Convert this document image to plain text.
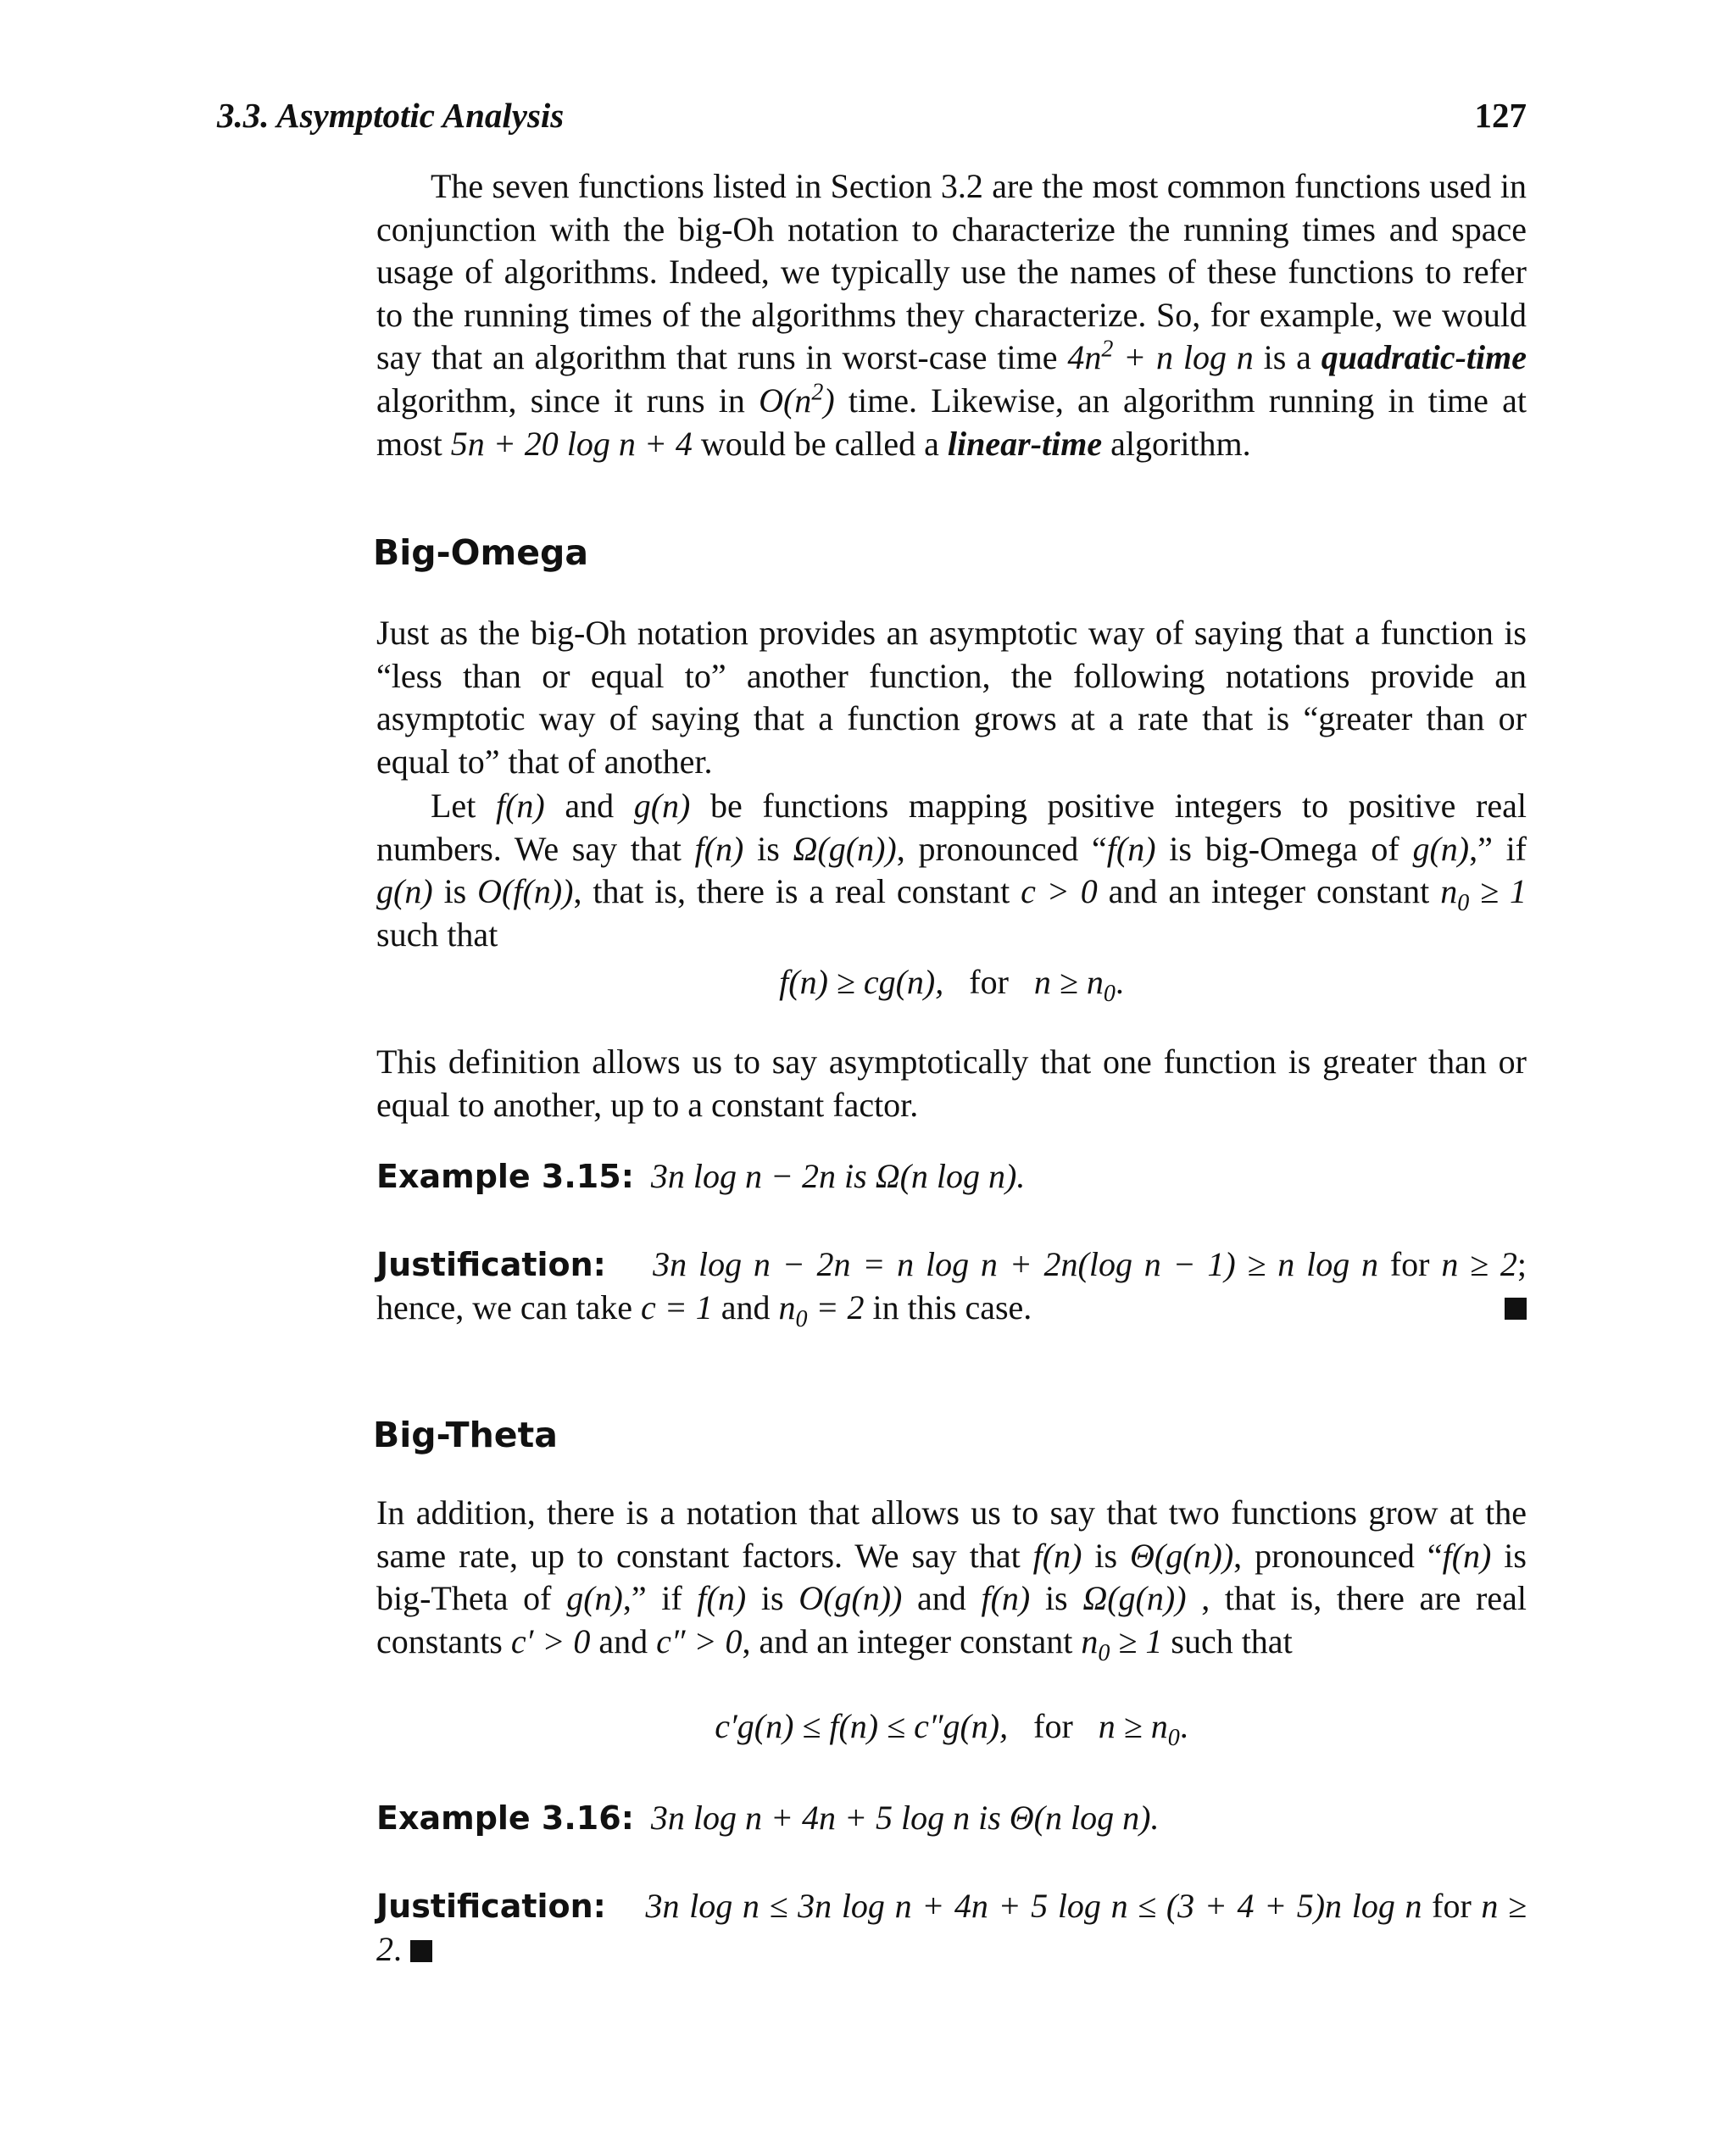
3.3. Asymptotic Analysis	127

The seven functions listed in Section 3.2 are the most common functions used in conjunction with the big-Oh notation to characterize the running times and space usage of algorithms. Indeed, we typically use the names of these functions to refer to the running times of the algorithms they characterize. So, for example, we would say that an algorithm that runs in worst-case time $4n^2 + n$ log n is a quadratic-time algorithm, since it runs in $O(n^2)$ time. Likewise, an algorithm running in time at most 5n + 20 log n + 4 would be called a linear-time algorithm.

Big-Omega

Just as the big-Oh notation provides an asymptotic way of saying that a function is “less than or equal to” another function, the following notations provide an asymptotic way of saying that a function grows at a rate that is “greater than or equal to” that of another.

Let f(n) and g(n) be functions mapping positive integers to positive real numbers. We say that f(n) is Ω(g(n)), pronounced “f(n) is big-Omega of g(n),” if g(n) is O(f(n)), that is, there is a real constant c > 0 and an integer constant $n_0 \ge 1$ such that

f(n) ≥ cg(n), for $n \ge n_0$.

This definition allows us to say asymptotically that one function is greater than or equal to another, up to a constant factor.

Example 3.15: 3n log n − 2n is Ω(n log n).

Justification: 3n log n − 2n = n log n + 2n(log n − 1) ≥ n log n for n ≥ 2; hence, we can take c = 1 and $n_0 = 2$ in this case.

Big-Theta

In addition, there is a notation that allows us to say that two functions grow at the same rate, up to constant factors. We say that f(n) is Θ(g(n)), pronounced “f(n) is big-Theta of g(n),” if f(n) is O(g(n)) and f(n) is Ω(g(n)) , that is, there are real constants c′ > 0 and c″ > 0, and an integer constant $n_0 \ge 1$ such that

c′g(n) ≤ f(n) ≤ c″g(n), for $n \ge n_0$.

Example 3.16: 3n log n + 4n + 5 log n is Θ(n log n).

Justification: 3n log n ≤ 3n log n + 4n + 5 log n ≤ (3 + 4 + 5)n log n for n ≥ 2.
